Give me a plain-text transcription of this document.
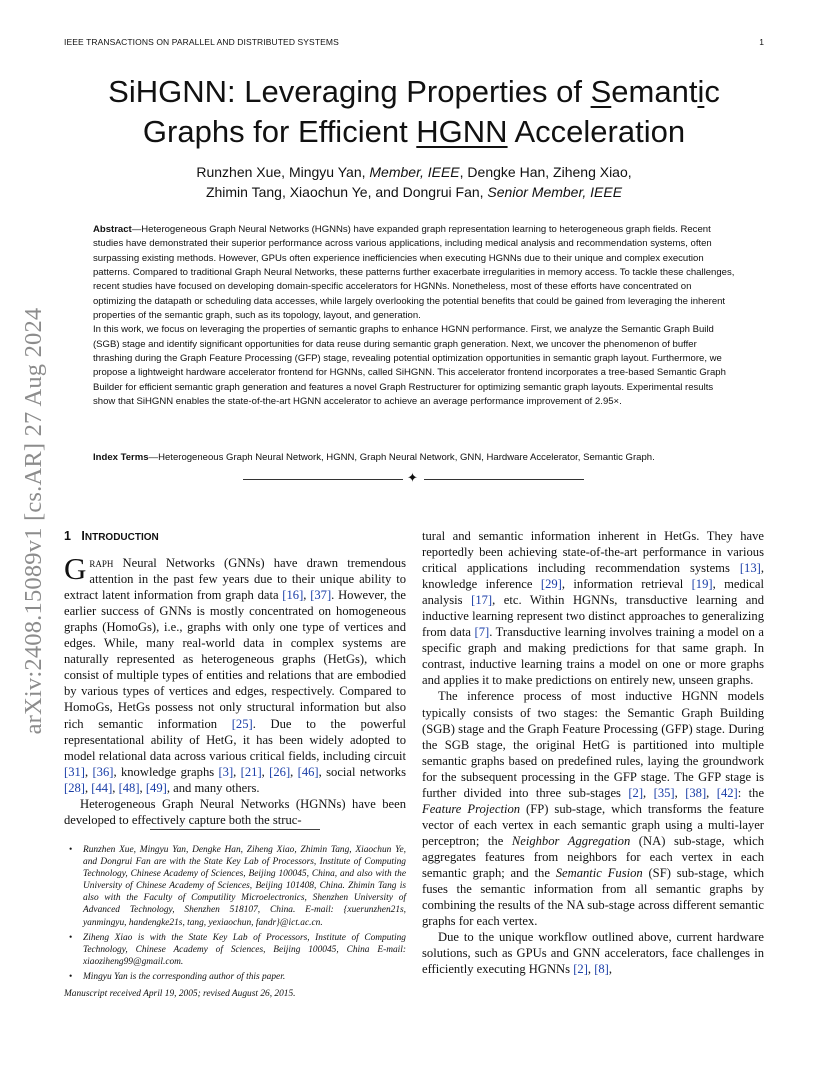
IEEE TRANSACTIONS ON PARALLEL AND DISTRIBUTED SYSTEMS	1
arXiv:2408.15089v1 [cs.AR] 27 Aug 2024
SiHGNN: Leveraging Properties of Semantic
Graphs for Efficient HGNN Acceleration
Runzhen Xue, Mingyu Yan, Member, IEEE, Dengke Han, Ziheng Xiao,
Zhimin Tang, Xiaochun Ye, and Dongrui Fan, Senior Member, IEEE

Abstract—Heterogeneous Graph Neural Networks (HGNNs) have expanded graph representation learning to heterogeneous graph fields. Recent studies have demonstrated their superior performance across various applications, including medical analysis and recommendation systems, often surpassing existing methods. However, GPUs often experience inefficiencies when executing HGNNs due to their unique and complex execution patterns. Compared to traditional Graph Neural Networks, these patterns further exacerbate irregularities in memory access. To tackle these challenges, recent studies have focused on developing domain-specific accelerators for HGNNs. Nonetheless, most of these efforts have concentrated on optimizing the datapath or scheduling data accesses, while largely overlooking the potential benefits that could be gained from leveraging the inherent properties of the semantic graph, such as its topology, layout, and generation.

In this work, we focus on leveraging the properties of semantic graphs to enhance HGNN performance. First, we analyze the Semantic Graph Build (SGB) stage and identify significant opportunities for data reuse during semantic graph generation. Next, we uncover the phenomenon of buffer thrashing during the Graph Feature Processing (GFP) stage, revealing potential optimization opportunities in semantic graph layout. Furthermore, we propose a lightweight hardware accelerator frontend for HGNNs, called SiHGNN. This accelerator frontend incorporates a tree-based Semantic Graph Builder for efficient semantic graph generation and features a novel Graph Restructurer for optimizing semantic graph layouts. Experimental results show that SiHGNN enables the state-of-the-art HGNN accelerator to achieve an average performance improvement of 2.95×.

Index Terms—Heterogeneous Graph Neural Network, HGNN, Graph Neural Network, GNN, Hardware Accelerator, Semantic Graph.
✦
1 INTRODUCTION

Graph Neural Networks (GNNs) have drawn tremendous attention in the past few years due to their unique ability to extract latent information from graph data [16], [37]. However, the earlier success of GNNs is mostly concentrated on homogeneous graphs (HomoGs), i.e., graphs with only one type of vertices and edges. While, many real-world data in complex systems are naturally represented as heterogeneous graphs (HetGs), which consist of multiple types of entities and relations that are embodied by various types of vertices and edges, respectively. Compared to HomoGs, HetGs possess not only structural information but also rich semantic information [25]. Due to the powerful representational ability of HetG, it has been widely adopted to model relational data across various critical fields, including circuit [31], [36], knowledge graphs [3], [21], [26], [46], social networks [28], [44], [48], [49], and many others.

Heterogeneous Graph Neural Networks (HGNNs) have been developed to effectively capture both the struc-

• Runzhen Xue, Mingyu Yan, Dengke Han, Ziheng Xiao, Zhimin Tang, Xiaochun Ye, and Dongrui Fan are with the State Key Lab of Processors, Institute of Computing Technology, Chinese Academy of Sciences, Beijing 100045, China, and also with the University of Chinese Academy of Sciences, Beijing 101408, China. Zhimin Tang is also with the Faculty of Computility Microelectronics, Shenzhen University of Advanced Technology, Shenzhen 518107, China. E-mail: {xuerunzhen21s, yanmingyu, handengke21s, tang, yexiaochun, fandr}@ict.ac.cn.
• Ziheng Xiao is with the State Key Lab of Processors, Institute of Computing Technology, Chinese Academy of Sciences, Beijing 100045, China E-mail: xiaoziheng99@gmail.com.
• Mingyu Yan is the corresponding author of this paper.
Manuscript received April 19, 2005; revised August 26, 2015.

tural and semantic information inherent in HetGs. They have reportedly been achieving state-of-the-art performance in various critical applications including recommendation systems [13], knowledge inference [29], information retrieval [19], medical analysis [17], etc. Within HGNNs, transductive learning and inductive learning represent two distinct approaches to generalizing from data [7]. Transductive learning involves training a model on a specific graph and making predictions for that same graph. In contrast, inductive learning trains a model on one or more graphs and applies it to make predictions on entirely new, unseen graphs.

The inference process of most inductive HGNN models typically consists of two stages: the Semantic Graph Building (SGB) stage and the Graph Feature Processing (GFP) stage. During the SGB stage, the original HetG is partitioned into multiple semantic graphs based on predefined rules, laying the groundwork for the subsequent processing in the GFP stage. The GFP stage is further divided into three sub-stages [2], [35], [38], [42]: the Feature Projection (FP) sub-stage, which transforms the feature vector of each vertex in each semantic graph using a multi-layer perceptron; the Neighbor Aggregation (NA) sub-stage, which aggregates features from neighbors for each vertex in each semantic graph; and the Semantic Fusion (SF) sub-stage, which fuses the semantic information from all semantic graphs by combining the results of the NA sub-stage across different semantic graphs for each vertex.

Due to the unique workflow outlined above, current hardware solutions, such as GPUs and GNN accelerators, face challenges in efficiently executing HGNNs [2], [8],
